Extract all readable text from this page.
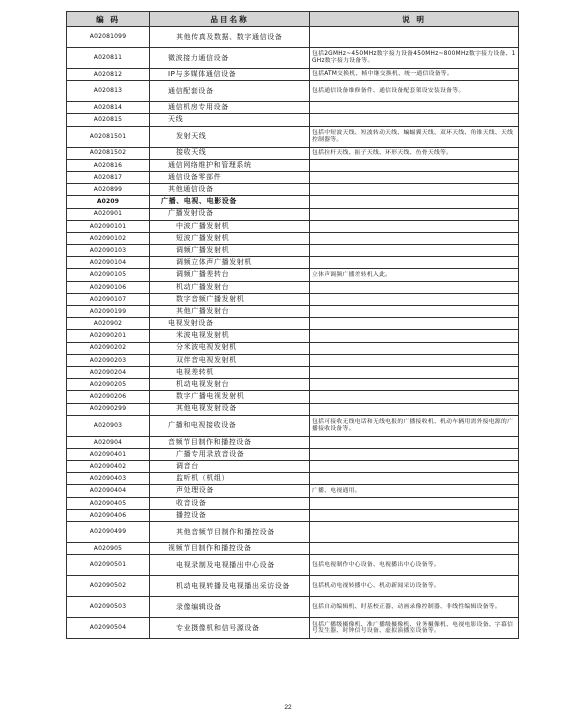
编 码	品目名称	说 明
A02081099	其他传真及数据、数字通信设备	
A020811	微波接力通信设备	包括2GMHz~450MHz数字接力设备450MHz~800MHz数字接力设备、1GHz数字接力设备等。
A020812	IP与多媒体通信设备	包括ATM交换机、帧中继交换机、统一通信设备等。
A020813	通信配套设备	包括通信设备维修备件、通信设备配套架设安装设备等。
A020814	通信机房专用设备	
A020815	天线	
A02081501	发射天线	包括中短波天线、短波转动天线、蝙蝠翼天线、双环天线、角锥天线、天线控制器等。
A02081502	接收天线	包括拉杆天线、振子天线、环形天线、鱼骨天线等。
A020816	通信网络维护和管理系统	
A020817	通信设备零部件	
A020899	其他通信设备	
A0209	广播、电视、电影设备	
A020901	广播发射设备	
A02090101	中波广播发射机	
A02090102	短波广播发射机	
A02090103	调频广播发射机	
A02090104	调频立体声广播发射机	
A02090105	调频广播差转台	立体声调频广播差转机入此。
A02090106	机动广播发射台	
A02090107	数字音频广播发射机	
A02090199	其他广播发射台	
A020902	电视发射设备	
A02090201	米波电视发射机	
A02090202	分米波电视发射机	
A02090203	双伴音电视发射机	
A02090204	电视差转机	
A02090205	机动电视发射台	
A02090206	数字广播电视发射机	
A02090299	其他电视发射设备	
A020903	广播和电视接收设备	包括可接收无线电话和无线电报的广播接收机、机动车辆用需外接电源的广播接收设备等。
A020904	音频节目制作和播控设备	
A02090401	广播专用录放音设备	
A02090402	调音台	
A02090403	监听机（机组）	
A02090404	声处理设备	广播、电视通用。
A02090405	收音设备	
A02090406	播控设备	
A02090499	其他音频节目制作和播控设备	
A020905	视频节目制作和播控设备	
A02090501	电视录制及电视播出中心设备	包括电视制作中心设备、电视播出中心设备等。
A02090502	机动电视转播及电视播出采访设备	包括机动电视转播中心、机动新闻采访设备等。
A02090503	录像编辑设备	包括自动编辑机、时基校正器、动画录像控制器、非线性编辑设备等。
A02090504	专业摄像机和信号源设备	包括广播级摄像机、准广播级摄像机、业务摄像机、电视电影设备、字幕信号发生器、时钟信号设备、虚拟演播室设备等。
22
